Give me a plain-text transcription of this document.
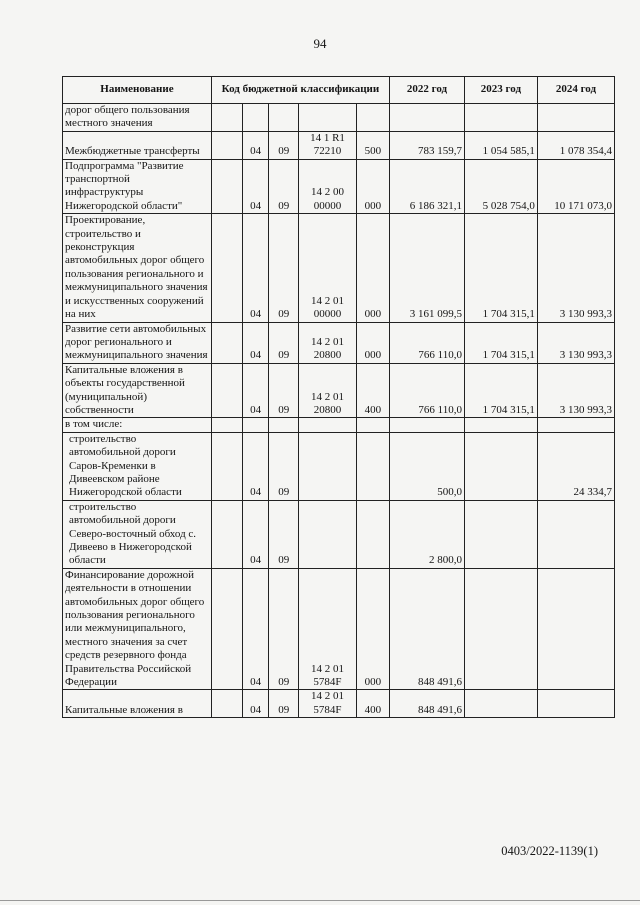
94
Наименование	Код бюджетной классификации					2022 год	2023 год	2024 год
дорог общего пользования местного значения								
Межбюджетные трансферты		04	09	14 1 R1 72210	500	783 159,7	1 054 585,1	1 078 354,4
Подпрограмма "Развитие транспортной инфраструктуры Нижегородской области"		04	09	14 2 00 00000	000	6 186 321,1	5 028 754,0	10 171 073,0
Проектирование, строительство и реконструкция автомобильных дорог общего пользования регионального и межмуниципального значения и искусственных сооружений на них		04	09	14 2 01 00000	000	3 161 099,5	1 704 315,1	3 130 993,3
Развитие сети автомобильных дорог регионального и межмуниципального значения		04	09	14 2 01 20800	000	766 110,0	1 704 315,1	3 130 993,3
Капитальные вложения в объекты государственной (муниципальной) собственности		04	09	14 2 01 20800	400	766 110,0	1 704 315,1	3 130 993,3
в том числе:								
строительство автомобильной дороги Саров-Кременки в Дивеевском районе Нижегородской области		04	09			500,0		24 334,7
строительство автомобильной дороги Северо-восточный обход с. Дивеево в Нижегородской области		04	09			2 800,0		
Финансирование дорожной деятельности в отношении автомобильных дорог общего пользования регионального или межмуниципального, местного значения за счет средств резервного фонда Правительства Российской Федерации		04	09	14 2 01 5784F	000	848 491,6		
Капитальные вложения в		04	09	14 2 01 5784F	400	848 491,6		
0403/2022-1139(1)
